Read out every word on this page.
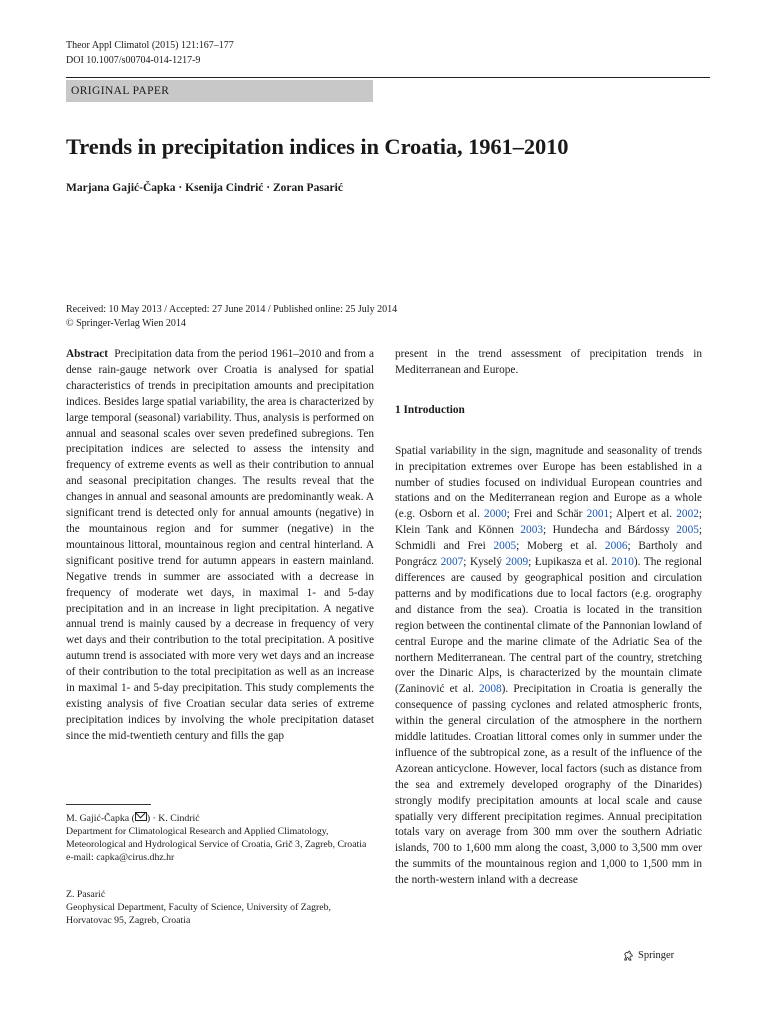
Theor Appl Climatol (2015) 121:167–177
DOI 10.1007/s00704-014-1217-9
ORIGINAL PAPER
Trends in precipitation indices in Croatia, 1961–2010
Marjana Gajić-Čapka · Ksenija Cindrić · Zoran Pasarić
Received: 10 May 2013 / Accepted: 27 June 2014 / Published online: 25 July 2014
© Springer-Verlag Wien 2014

Abstract Precipitation data from the period 1961–2010 and from a dense rain-gauge network over Croatia is analysed for spatial characteristics of trends in precipitation amounts and precipitation indices. Besides large spatial variability, the area is characterized by large temporal (seasonal) variability. Thus, analysis is performed on annual and seasonal scales over seven predefined subregions. Ten precipitation indices are selected to assess the intensity and frequency of extreme events as well as their contribution to annual and seasonal precipitation changes. The results reveal that the changes in annual and seasonal amounts are predominantly weak. A significant trend is detected only for annual amounts (negative) in the mountainous region and for summer (negative) in the mountainous littoral, mountainous region and central hinterland. A significant positive trend for autumn appears in eastern mainland. Negative trends in summer are associated with a decrease in frequency of moderate wet days, in maximal 1- and 5-day precipitation and in an increase in light precipitation. A negative annual trend is mainly caused by a decrease in frequency of very wet days and their contribution to the total precipitation. A positive autumn trend is associated with more very wet days and an increase of their contribution to the total precipitation as well as an increase in maximal 1- and 5-day precipitation. This study complements the existing analysis of five Croatian secular data series of extreme precipitation indices by involving the whole precipitation dataset since the mid-twentieth century and fills the gap

present in the trend assessment of precipitation trends in Mediterranean and Europe.

1 Introduction

Spatial variability in the sign, magnitude and seasonality of trends in precipitation extremes over Europe has been established in a number of studies focused on individual European countries and stations and on the Mediterranean region and Europe as a whole (e.g. Osborn et al. 2000; Frei and Schär 2001; Alpert et al. 2002; Klein Tank and Können 2003; Hundecha and Bárdossy 2005; Schmidli and Frei 2005; Moberg et al. 2006; Bartholy and Pongrácz 2007; Kyselý 2009; Łupikasza et al. 2010). The regional differences are caused by geographical position and circulation patterns and by modifications due to local factors (e.g. orography and distance from the sea). Croatia is located in the transition region between the continental climate of the Pannonian lowland of central Europe and the marine climate of the Adriatic Sea of the northern Mediterranean. The central part of the country, stretching over the Dinaric Alps, is characterized by the mountain climate (Zaninović et al. 2008). Precipitation in Croatia is generally the consequence of passing cyclones and related atmospheric fronts, within the general circulation of the atmosphere in the northern middle latitudes. Croatian littoral comes only in summer under the influence of the subtropical zone, as a result of the influence of the Azorean anticyclone. However, local factors (such as distance from the sea and extremely developed orography of the Dinarides) strongly modify precipitation amounts at local scale and cause spatially very different precipitation regimes. Annual precipitation totals vary on average from 300 mm over the southern Adriatic islands, 700 to 1,600 mm along the coast, 3,000 to 3,500 mm over the summits of the mountainous region and 1,000 to 1,500 mm in the north-western inland with a decrease

M. Gajić-Čapka ( ) · K. Cindrić
Department for Climatological Research and Applied Climatology, Meteorological and Hydrological Service of Croatia, Grič 3, Zagreb, Croatia
e-mail: capka@cirus.dhz.hr
Z. Pasarić
Geophysical Department, Faculty of Science, University of Zagreb, Horvatovac 95, Zagreb, Croatia
Springer
